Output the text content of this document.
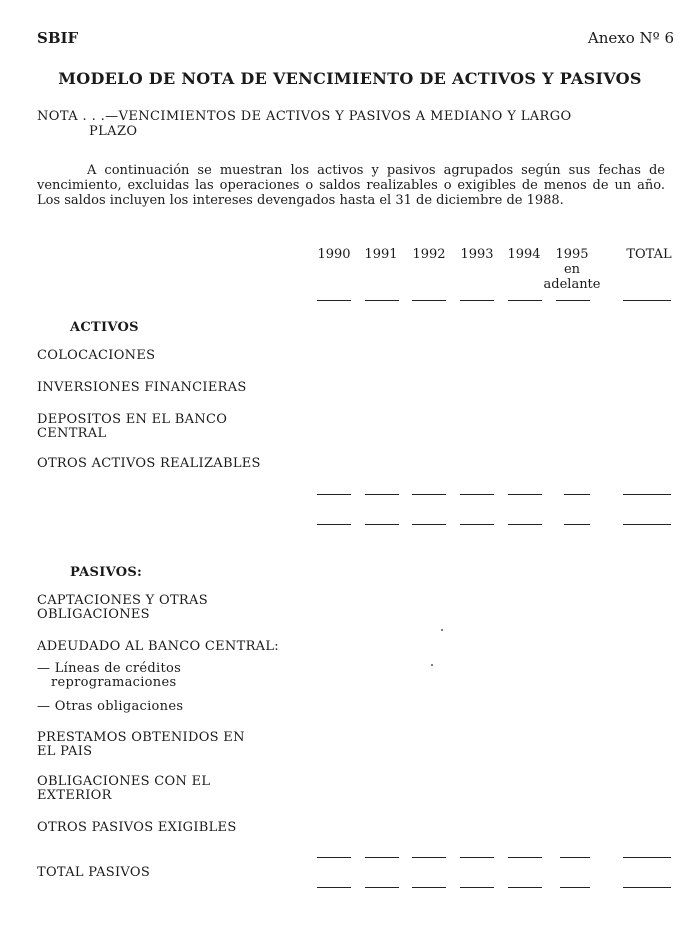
SBIF	Anexo Nº 6
MODELO DE NOTA DE VENCIMIENTO DE ACTIVOS Y PASIVOS
NOTA . . .—VENCIMIENTOS DE ACTIVOS Y PASIVOS A MEDIANO Y LARGO
PLAZO
A continuación se muestran los activos y pasivos agrupados según sus fechas de vencimiento, excluidas las operaciones o saldos realizables o exigibles de menos de un año. Los saldos incluyen los intereses devengados hasta el 31 de diciembre de 1988.
1990 1991 1992 1993 1994	1995
en
adelante
TOTAL
ACTIVOS
COLOCACIONES
INVERSIONES FINANCIERAS
DEPOSITOS EN EL BANCO
CENTRAL
OTROS ACTIVOS REALIZABLES
PASIVOS:
CAPTACIONES Y OTRAS
OBLIGACIONES
ADEUDADO AL BANCO CENTRAL:
— Líneas de créditos
reprogramaciones
— Otras obligaciones
PRESTAMOS OBTENIDOS EN
EL PAIS
OBLIGACIONES CON EL
EXTERIOR
OTROS PASIVOS EXIGIBLES
TOTAL PASIVOS
